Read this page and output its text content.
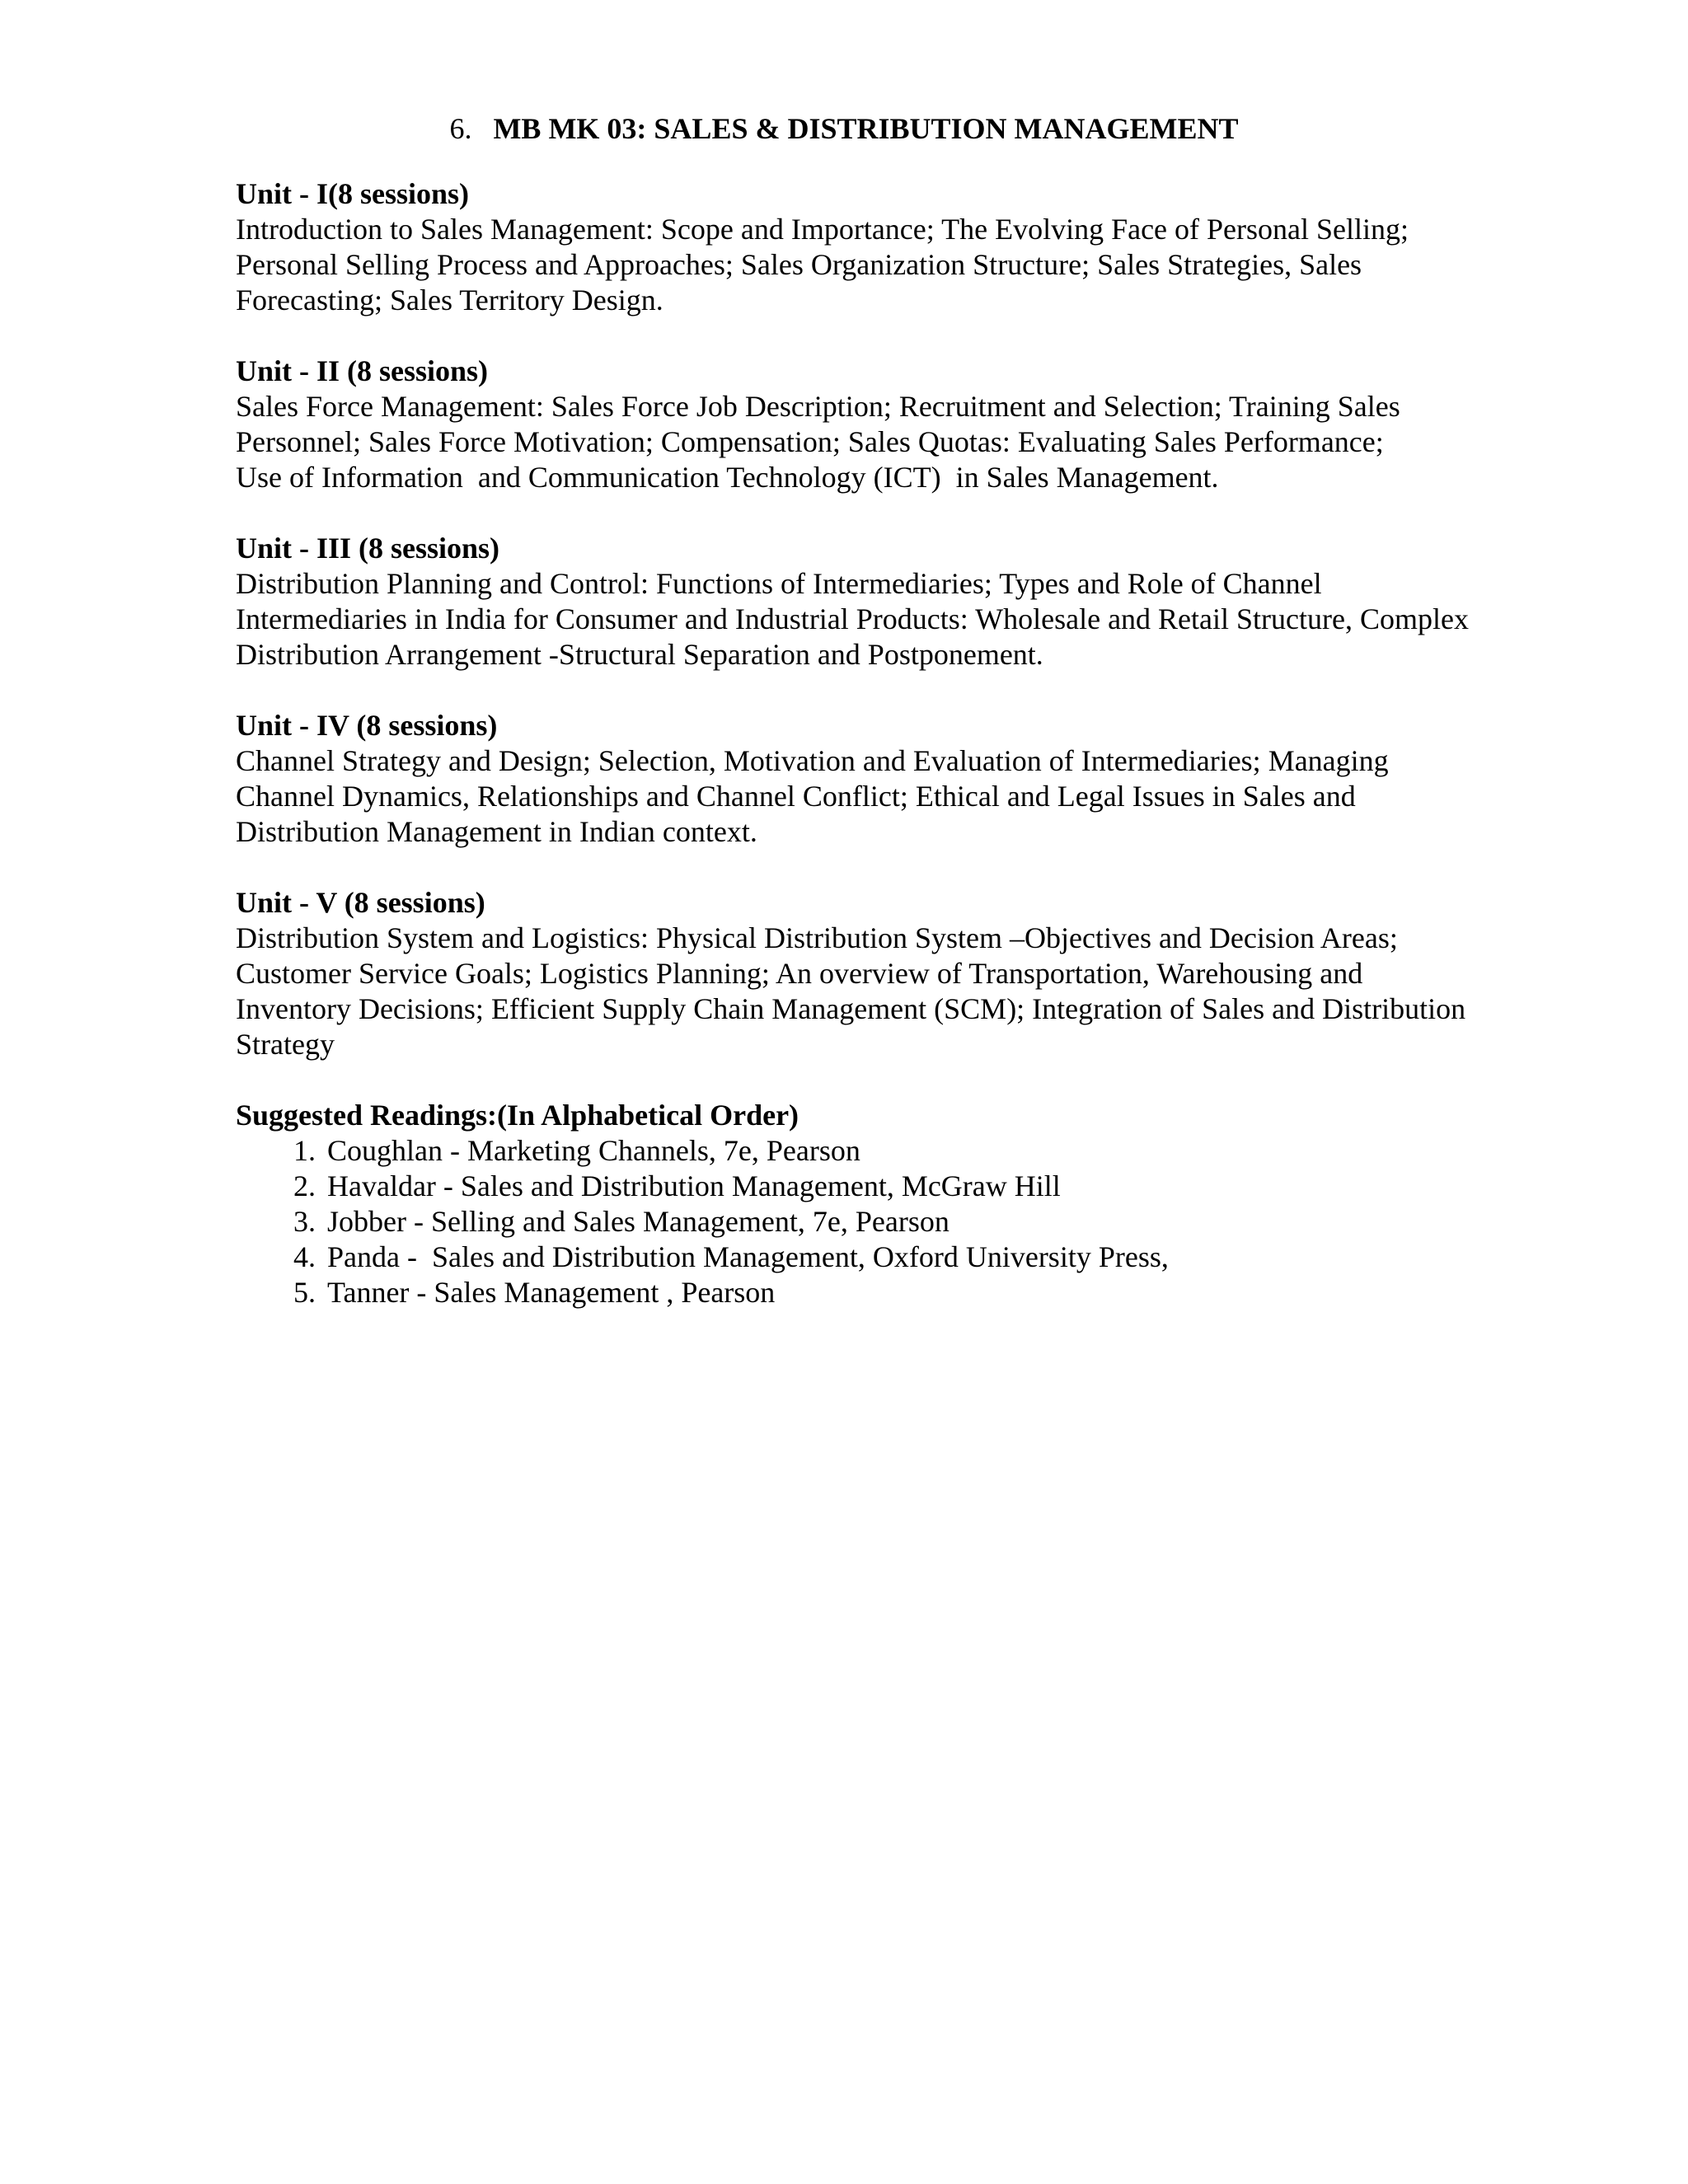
6. MB MK 03: SALES & DISTRIBUTION MANAGEMENT
Unit - I(8 sessions)
Introduction to Sales Management: Scope and Importance; The Evolving Face of Personal Selling;
Personal Selling Process and Approaches; Sales Organization Structure; Sales Strategies, Sales
Forecasting; Sales Territory Design.
Unit - II (8 sessions)
Sales Force Management: Sales Force Job Description; Recruitment and Selection; Training Sales
Personnel; Sales Force Motivation; Compensation; Sales Quotas: Evaluating Sales Performance;
Use of Information  and Communication Technology (ICT)  in Sales Management.
Unit - III (8 sessions)
Distribution Planning and Control: Functions of Intermediaries; Types and Role of Channel
Intermediaries in India for Consumer and Industrial Products: Wholesale and Retail Structure, Complex
Distribution Arrangement -Structural Separation and Postponement.
Unit - IV (8 sessions)
Channel Strategy and Design; Selection, Motivation and Evaluation of Intermediaries; Managing
Channel Dynamics, Relationships and Channel Conflict; Ethical and Legal Issues in Sales and
Distribution Management in Indian context.
Unit - V (8 sessions)
Distribution System and Logistics: Physical Distribution System –Objectives and Decision Areas;
Customer Service Goals; Logistics Planning; An overview of Transportation, Warehousing and
Inventory Decisions; Efficient Supply Chain Management (SCM); Integration of Sales and Distribution
Strategy
Suggested Readings:(In Alphabetical Order)
1. Coughlan - Marketing Channels, 7e, Pearson
2. Havaldar - Sales and Distribution Management, McGraw Hill
3. Jobber - Selling and Sales Management, 7e, Pearson
4. Panda -  Sales and Distribution Management, Oxford University Press,
5. Tanner - Sales Management , Pearson
